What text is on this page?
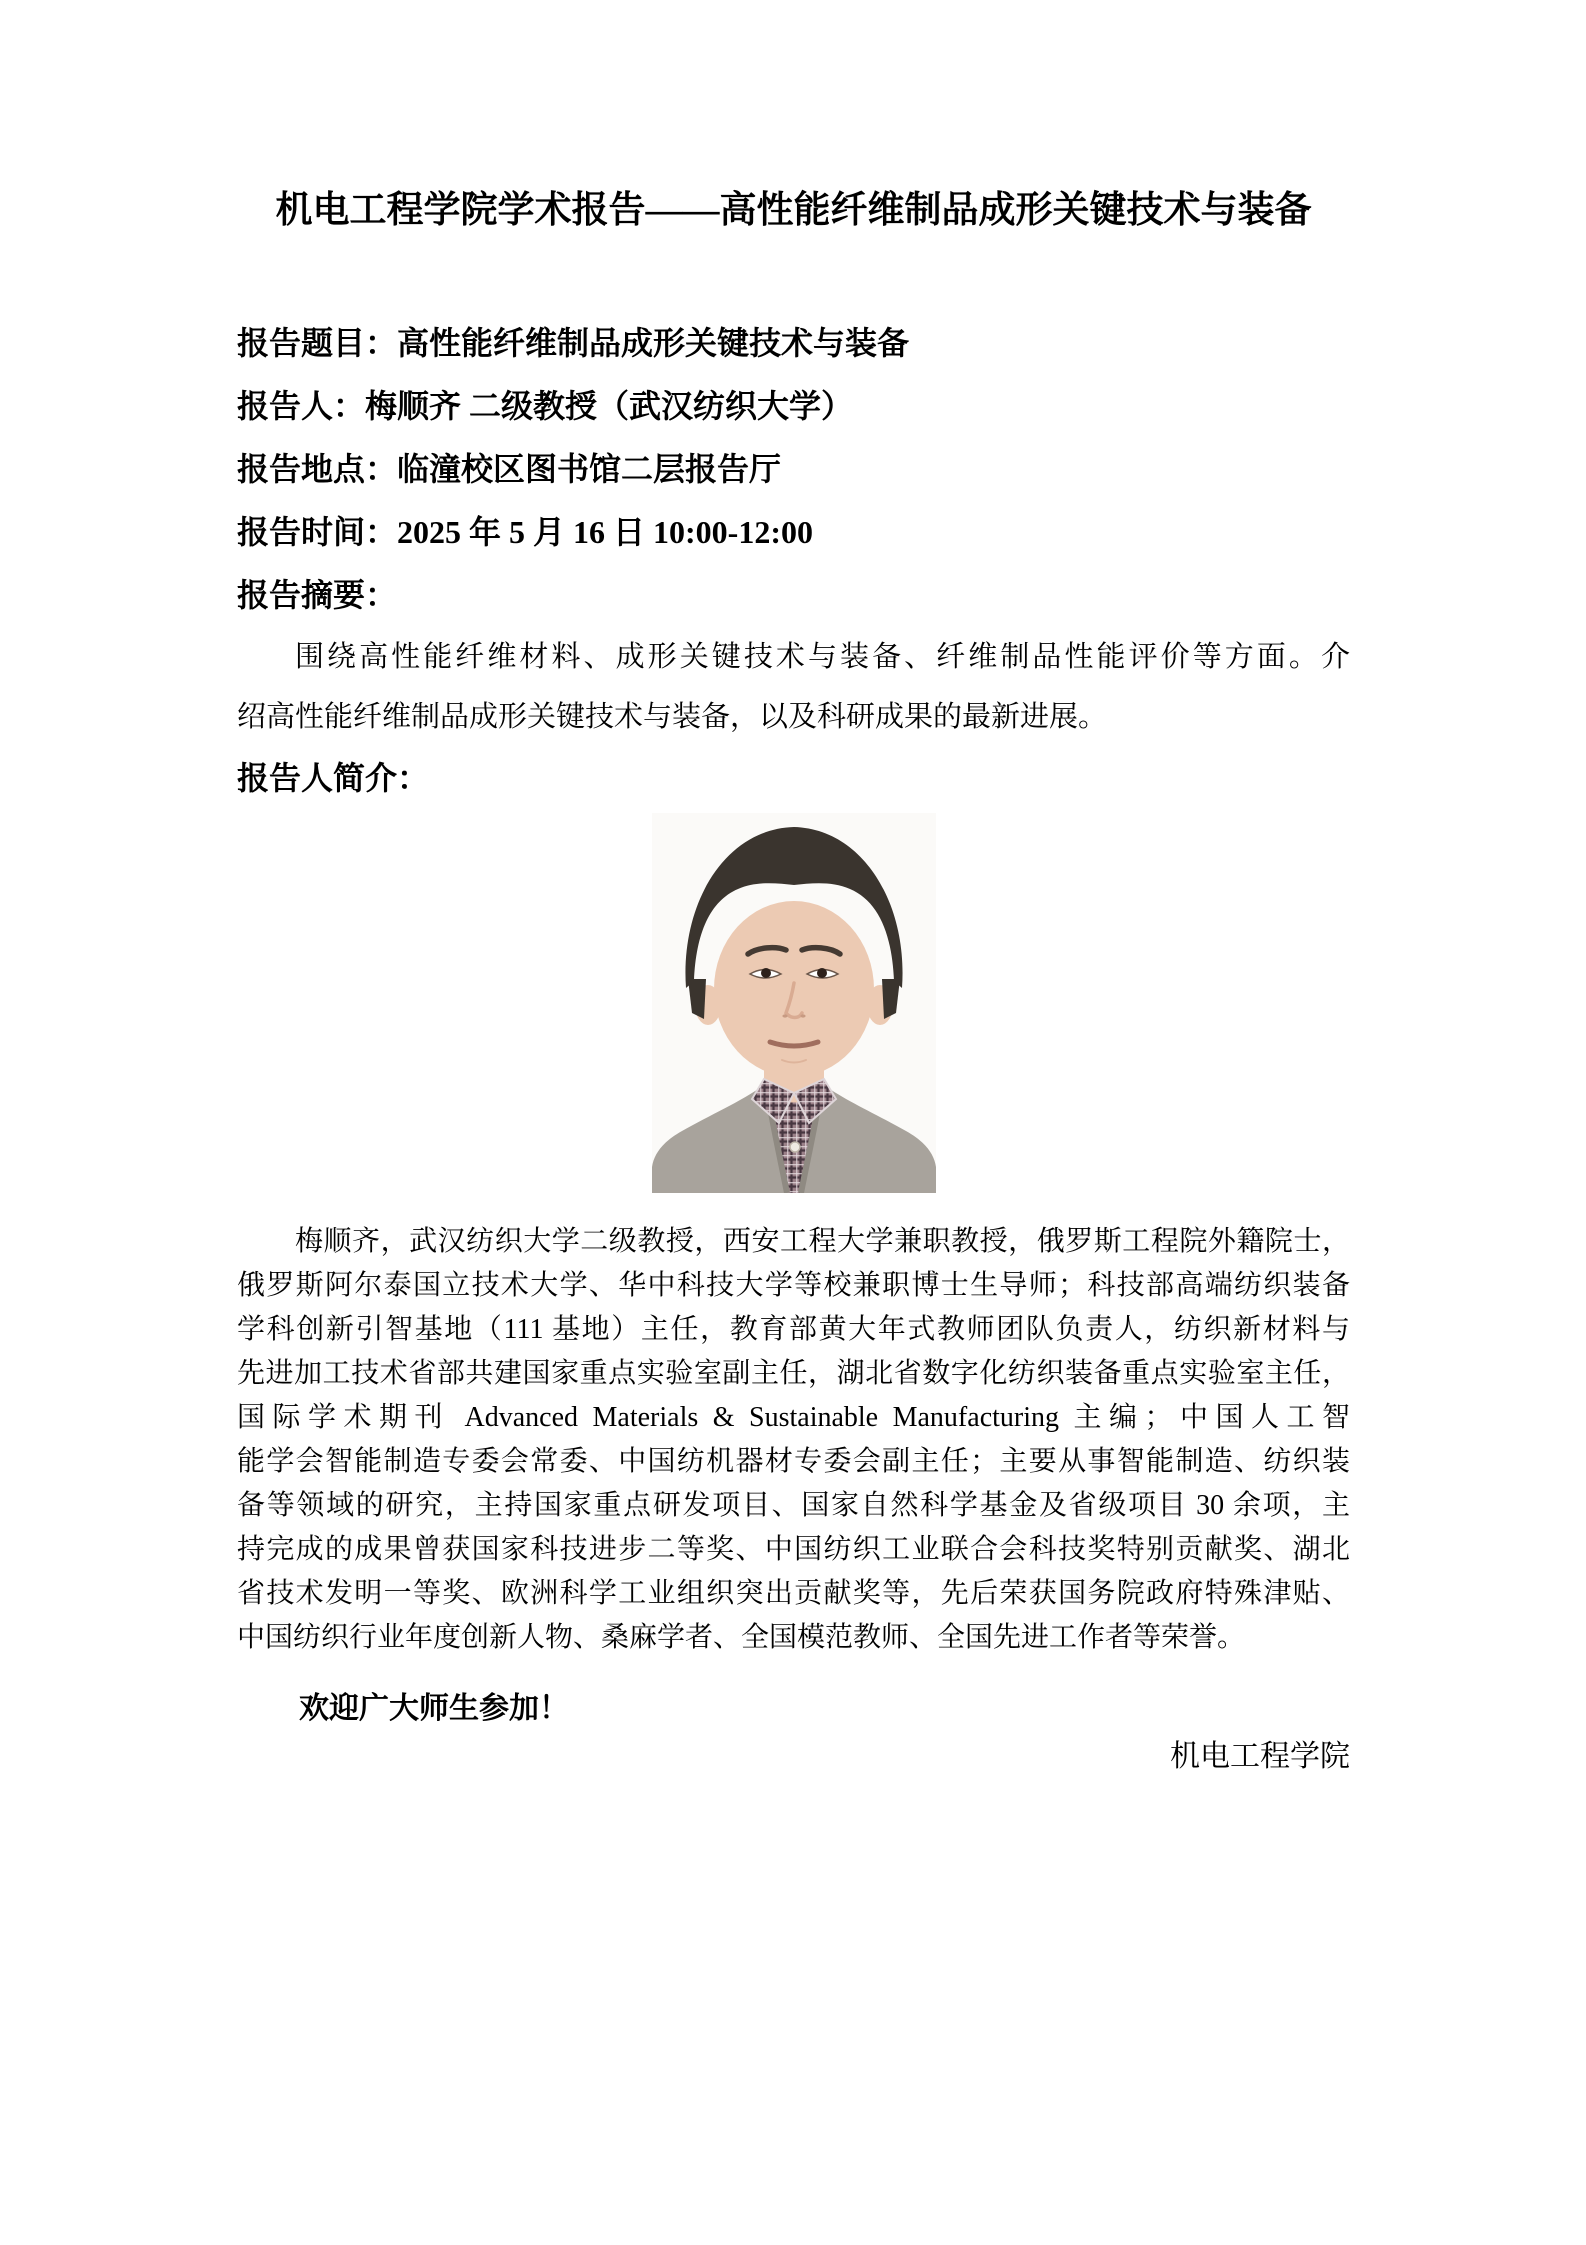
机电工程学院学术报告——高性能纤维制品成形关键技术与装备
报告题目：高性能纤维制品成形关键技术与装备
报告人：梅顺齐 二级教授（武汉纺织大学）
报告地点：临潼校区图书馆二层报告厅
报告时间：2025 年 5 月 16 日 10:00-12:00
报告摘要：
围绕高性能纤维材料、成形关键技术与装备、纤维制品性能评价等方面。介
绍高性能纤维制品成形关键技术与装备，以及科研成果的最新进展。
报告人简介：
梅顺齐，武汉纺织大学二级教授，西安工程大学兼职教授，俄罗斯工程院外籍院士，
俄罗斯阿尔泰国立技术大学、华中科技大学等校兼职博士生导师；科技部高端纺织装备
学科创新引智基地（111 基地）主任，教育部黄大年式教师团队负责人，纺织新材料与
先进加工技术省部共建国家重点实验室副主任，湖北省数字化纺织装备重点实验室主任，
国际学术期刊 Advanced Materials & Sustainable Manufacturing 主编；中国人工智
能学会智能制造专委会常委、中国纺机器材专委会副主任；主要从事智能制造、纺织装
备等领域的研究，主持国家重点研发项目、国家自然科学基金及省级项目 30 余项，主
持完成的成果曾获国家科技进步二等奖、中国纺织工业联合会科技奖特别贡献奖、湖北
省技术发明一等奖、欧洲科学工业组织突出贡献奖等，先后荣获国务院政府特殊津贴、
中国纺织行业年度创新人物、桑麻学者、全国模范教师、全国先进工作者等荣誉。
欢迎广大师生参加！
机电工程学院
